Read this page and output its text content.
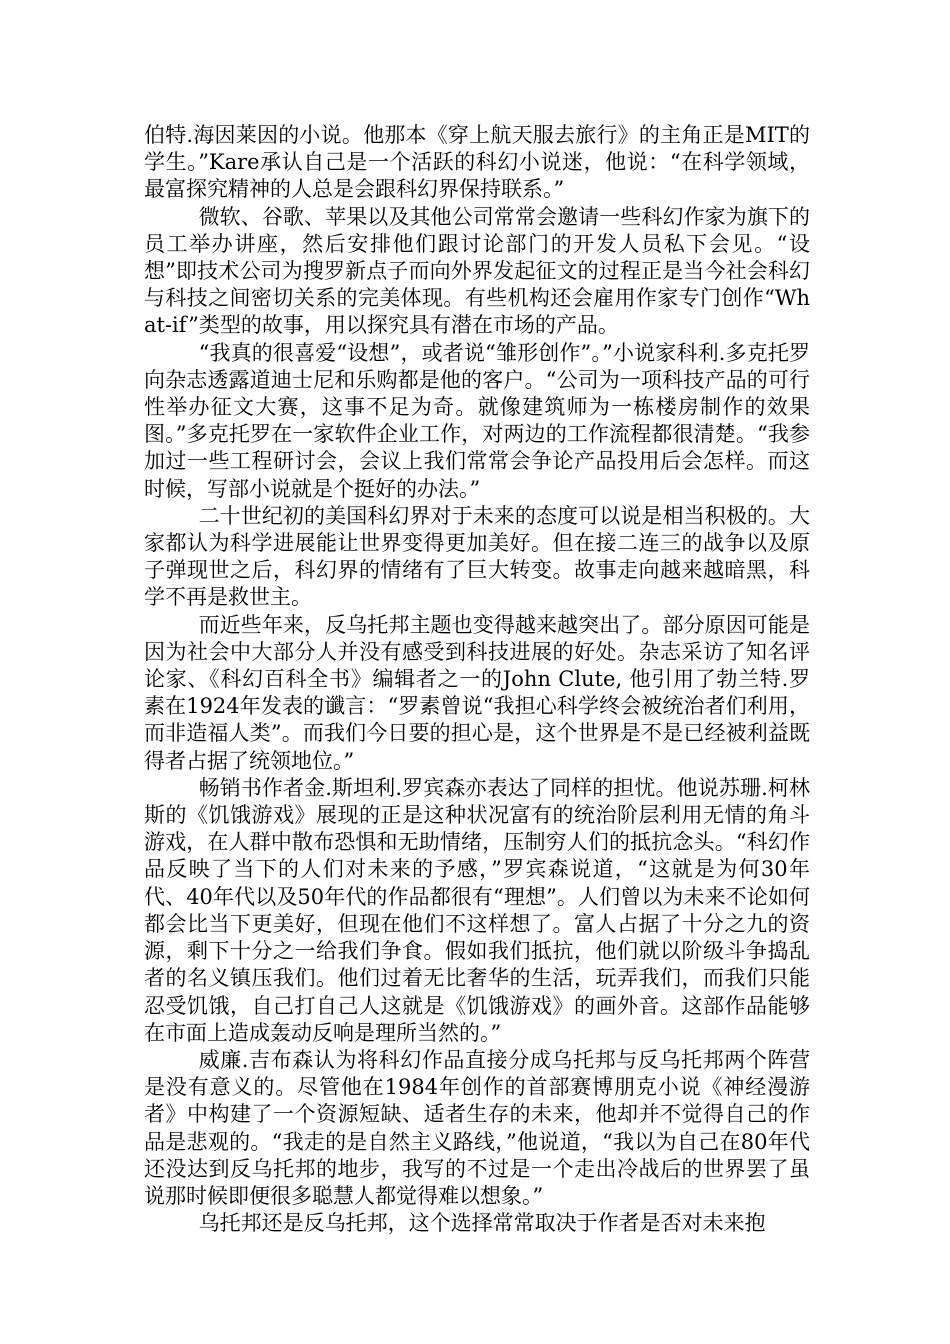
伯特.海因莱因的小说。他那本《穿上航天服去旅行》的主角正是MIT的学生。”Kare承认自己是一个活跃的科幻小说迷，他说：“在科学领域，最富探究精神的人总是会跟科幻界保持联系。”

微软、谷歌、苹果以及其他公司常常会邀请一些科幻作家为旗下的员工举办讲座，然后安排他们跟讨论部门的开发人员私下会见。“设想”即技术公司为搜罗新点子而向外界发起征文的过程正是当今社会科幻与科技之间密切关系的完美体现。有些机构还会雇用作家专门创作“What-if”类型的故事，用以探究具有潜在市场的产品。

“我真的很喜爱“设想”，或者说“雏形创作”。”小说家科利.多克托罗向杂志透露道迪士尼和乐购都是他的客户。“公司为一项科技产品的可行性举办征文大赛，这事不足为奇。就像建筑师为一栋楼房制作的效果图。”多克托罗在一家软件企业工作，对两边的工作流程都很清楚。“我参加过一些工程研讨会，会议上我们常常会争论产品投用后会怎样。而这时候，写部小说就是个挺好的办法。”

二十世纪初的美国科幻界对于未来的态度可以说是相当积极的。大家都认为科学进展能让世界变得更加美好。但在接二连三的战争以及原子弹现世之后，科幻界的情绪有了巨大转变。故事走向越来越暗黑，科学不再是救世主。

而近些年来，反乌托邦主题也变得越来越突出了。部分原因可能是因为社会中大部分人并没有感受到科技进展的好处。杂志采访了知名评论家、《科幻百科全书》编辑者之一的John Clute, 他引用了勃兰特.罗素在1924年发表的谶言：“罗素曾说“我担心科学终会被统治者们利用，而非造福人类”。而我们今日要的担心是，这个世界是不是已经被利益既得者占据了统领地位。”

畅销书作者金.斯坦利.罗宾森亦表达了同样的担忧。他说苏珊.柯林斯的《饥饿游戏》展现的正是这种状况富有的统治阶层利用无情的角斗游戏，在人群中散布恐惧和无助情绪，压制穷人们的抵抗念头。“科幻作品反映了当下的人们对未来的予感，”罗宾森说道，“这就是为何30年代、40年代以及50年代的作品都很有“理想”。人们曾以为未来不论如何都会比当下更美好，但现在他们不这样想了。富人占据了十分之九的资源，剩下十分之一给我们争食。假如我们抵抗，他们就以阶级斗争捣乱者的名义镇压我们。他们过着无比奢华的生活，玩弄我们，而我们只能忍受饥饿，自己打自己人这就是《饥饿游戏》的画外音。这部作品能够在市面上造成轰动反响是理所当然的。”

威廉.吉布森认为将科幻作品直接分成乌托邦与反乌托邦两个阵营是没有意义的。尽管他在1984年创作的首部赛博朋克小说《神经漫游者》中构建了一个资源短缺、适者生存的未来，他却并不觉得自己的作品是悲观的。“我走的是自然主义路线，”他说道，“我以为自己在80年代还没达到反乌托邦的地步，我写的不过是一个走出冷战后的世界罢了虽说那时候即便很多聪慧人都觉得难以想象。”

乌托邦还是反乌托邦，这个选择常常取决于作者是否对未来抱
